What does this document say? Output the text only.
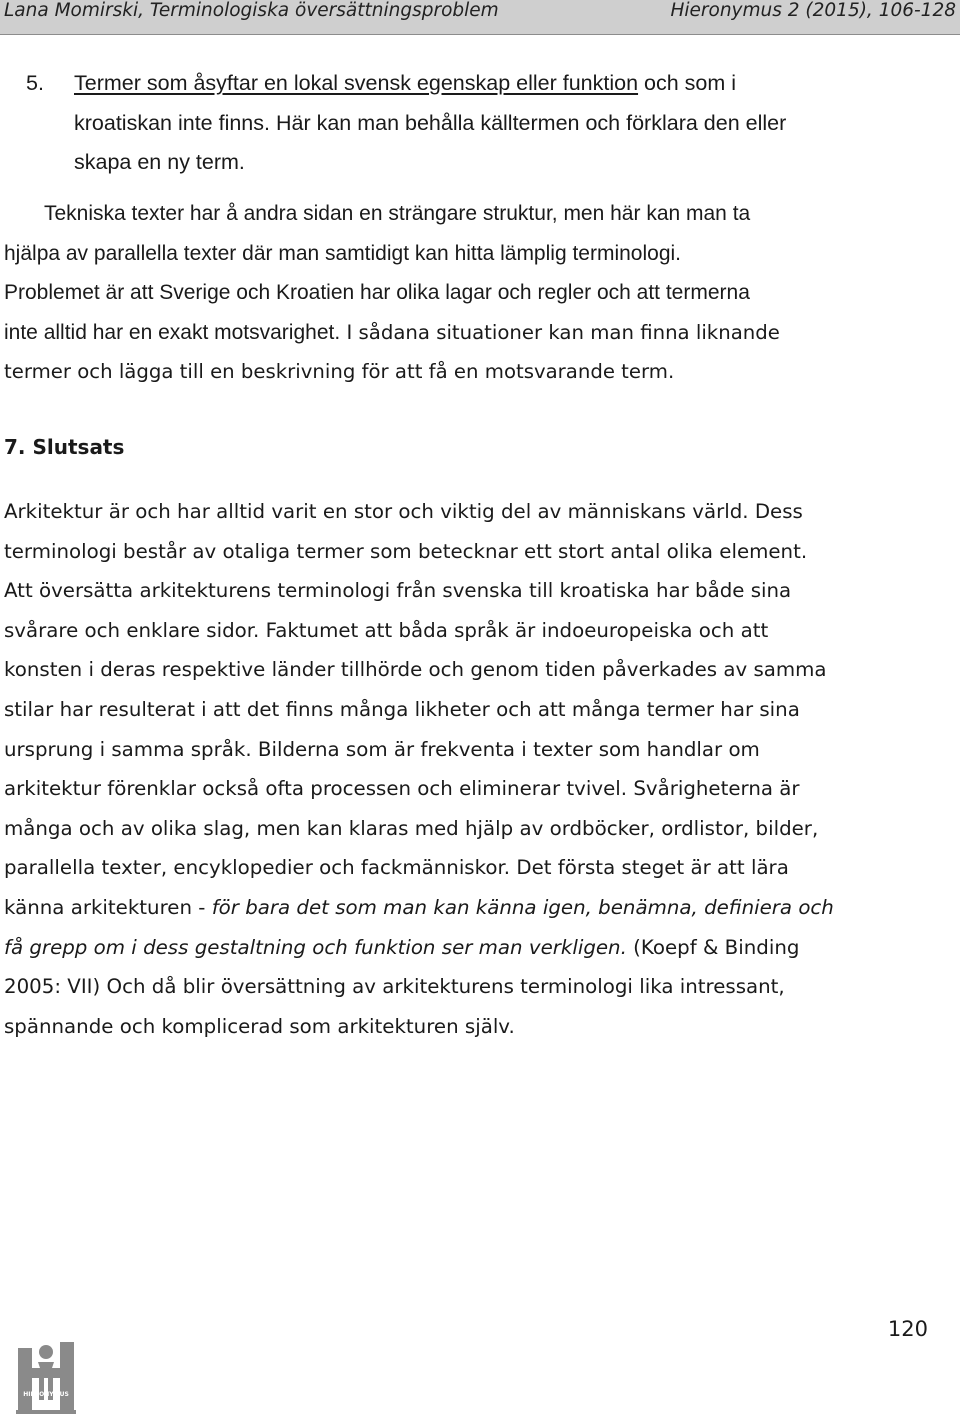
Lana Momirski, Terminologiska översättningsproblem	Hieronymus 2 (2015), 106-128
5. Termer som åsyftar en lokal svensk egenskap eller funktion och som i
kroatiskan inte finns. Här kan man behålla källtermen och förklara den eller
skapa en ny term.
Tekniska texter har å andra sidan en strängare struktur, men här kan man ta
hjälpa av parallella texter där man samtidigt kan hitta lämplig terminologi.
Problemet är att Sverige och Kroatien har olika lagar och regler och att termerna
inte alltid har en exakt motsvarighet. I sådana situationer kan man finna liknande
termer och lägga till en beskrivning för att få en motsvarande term.
7. Slutsats
Arkitektur är och har alltid varit en stor och viktig del av människans värld. Dess
terminologi består av otaliga termer som betecknar ett stort antal olika element.
Att översätta arkitekturens terminologi från svenska till kroatiska har både sina
svårare och enklare sidor. Faktumet att båda språk är indoeuropeiska och att
konsten i deras respektive länder tillhörde och genom tiden påverkades av samma
stilar har resulterat i att det finns många likheter och att många termer har sina
ursprung i samma språk. Bilderna som är frekventa i texter som handlar om
arkitektur förenklar också ofta processen och eliminerar tvivel. Svårigheterna är
många och av olika slag, men kan klaras med hjälp av ordböcker, ordlistor, bilder,
parallella texter, encyklopedier och fackmänniskor. Det första steget är att lära
känna arkitekturen - för bara det som man kan känna igen, benämna, definiera och
få grepp om i dess gestaltning och funktion ser man verkligen. (Koepf & Binding
2005: VII) Och då blir översättning av arkitekturens terminologi lika intressant,
spännande och komplicerad som arkitekturen själv.
120
HIERONYMUS
